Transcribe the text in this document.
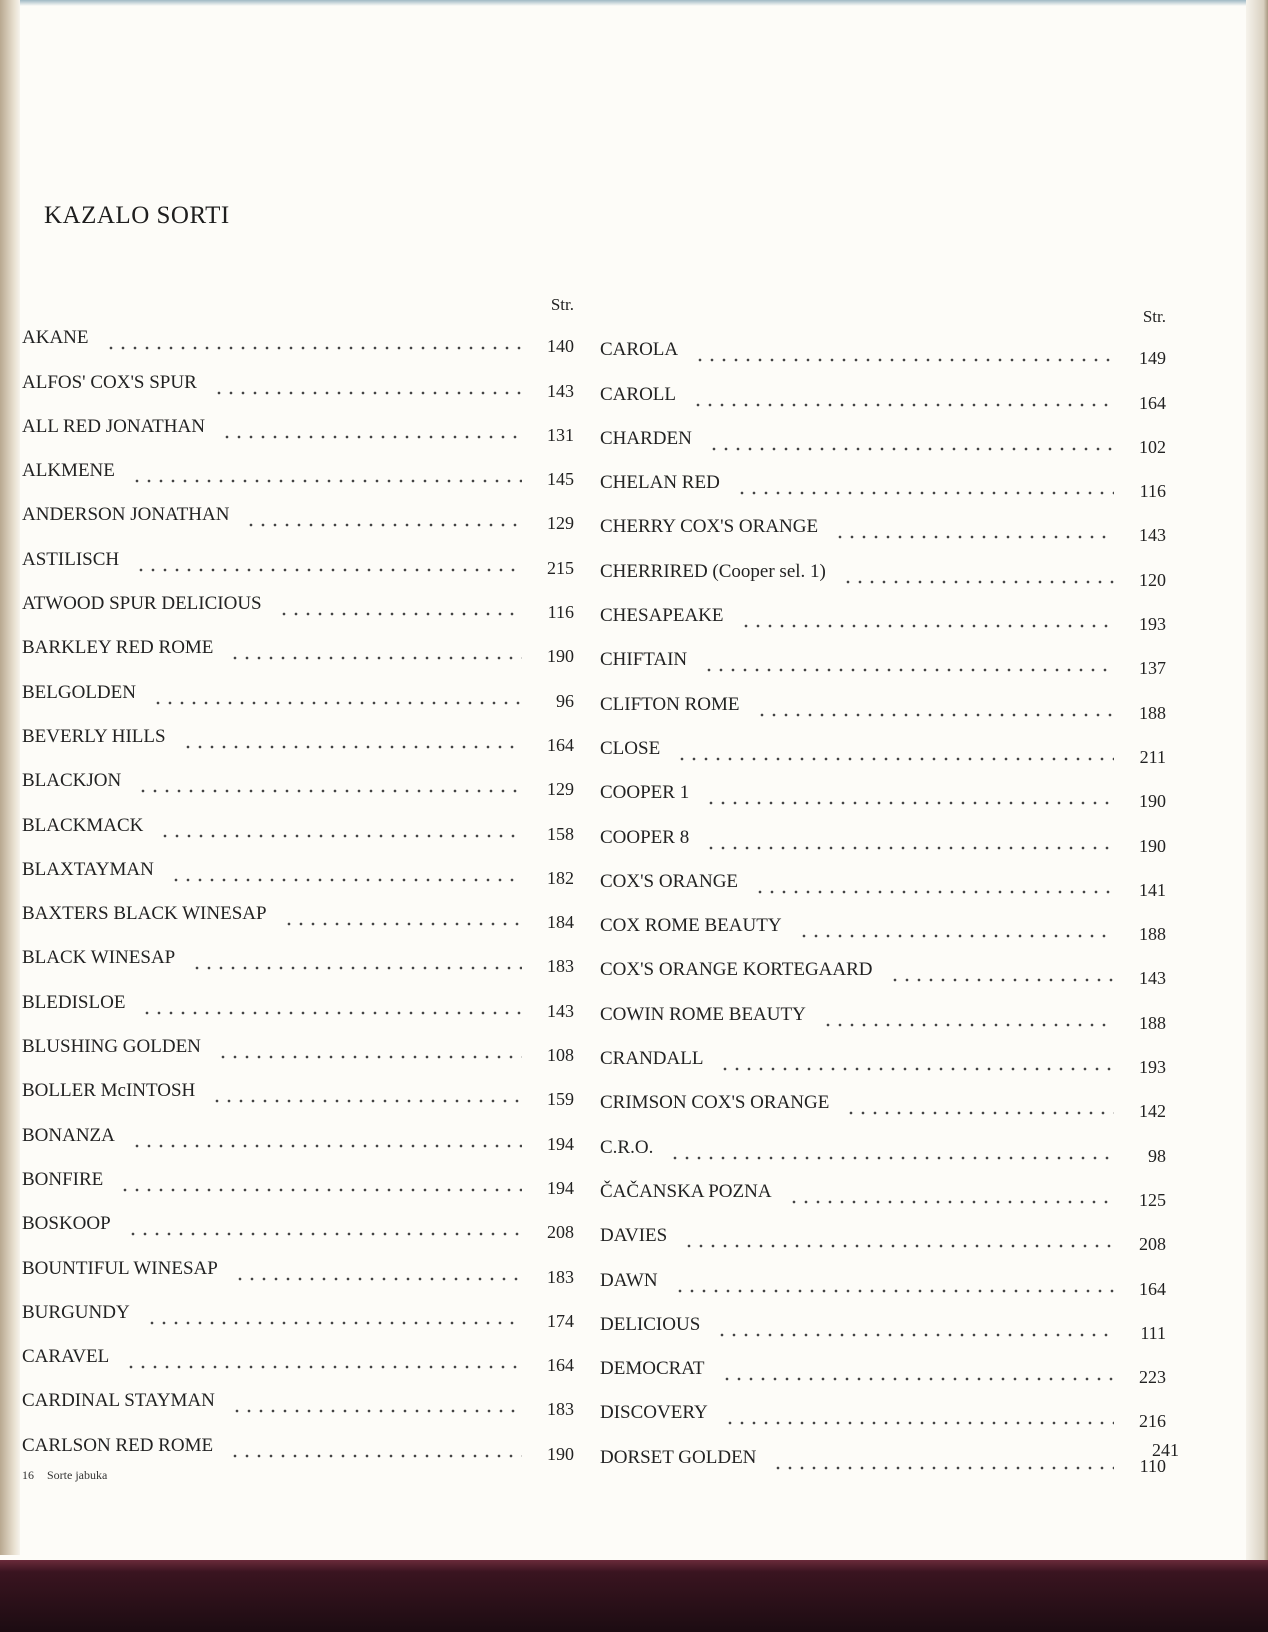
KAZALO SORTI
Str.
AKANE	140
ALFOS' COX'S SPUR	143
ALL RED JONATHAN	131
ALKMENE	145
ANDERSON JONATHAN	129
ASTILISCH	215
ATWOOD SPUR DELICIOUS	116
BARKLEY RED ROME	190
BELGOLDEN	96
BEVERLY HILLS	164
BLACKJON	129
BLACKMACK	158
BLAXTAYMAN	182
BAXTERS BLACK WINESAP	184
BLACK WINESAP	183
BLEDISLOE	143
BLUSHING GOLDEN	108
BOLLER McINTOSH	159
BONANZA	194
BONFIRE	194
BOSKOOP	208
BOUNTIFUL WINESAP	183
BURGUNDY	174
CARAVEL	164
CARDINAL STAYMAN	183
CARLSON RED ROME	190
Str.
CAROLA	149
CAROLL	164
CHARDEN	102
CHELAN RED	116
CHERRY COX'S ORANGE	143
CHERRIRED (Cooper sel. 1)	120
CHESAPEAKE	193
CHIFTAIN	137
CLIFTON ROME	188
CLOSE	211
COOPER 1	190
COOPER 8	190
COX'S ORANGE	141
COX ROME BEAUTY	188
COX'S ORANGE KORTEGAARD	143
COWIN ROME BEAUTY	188
CRANDALL	193
CRIMSON COX'S ORANGE	142
C.R.O.	98
ČAČANSKA POZNA	125
DAVIES	208
DAWN	164
DELICIOUS	111
DEMOCRAT	223
DISCOVERY	216
DORSET GOLDEN	110
16 Sorte jabuka
241
